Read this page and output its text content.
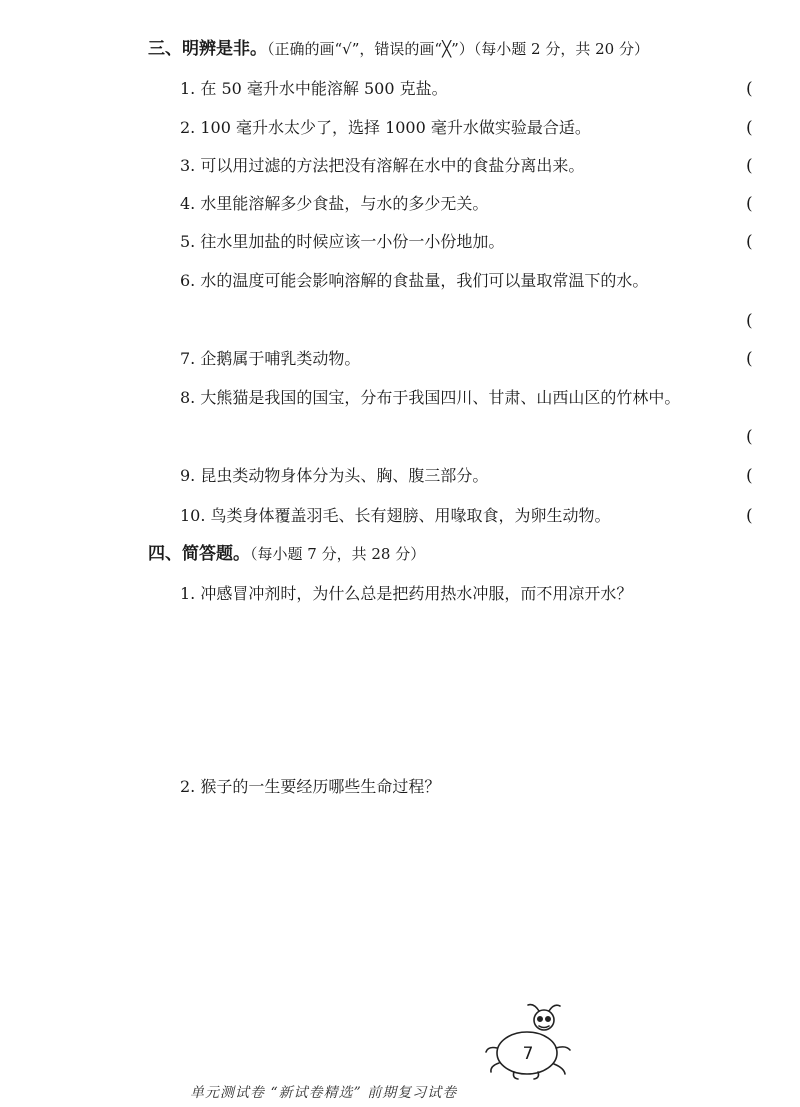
三、明辨是非。（正确的画“√”，错误的画“╳”）（每小题 2 分，共 20 分）
1. 在 50 毫升水中能溶解 500 克盐。	(
2. 100 毫升水太少了，选择 1000 毫升水做实验最合适。	(
3. 可以用过滤的方法把没有溶解在水中的食盐分离出来。	(
4. 水里能溶解多少食盐，与水的多少无关。	(
5. 往水里加盐的时候应该一小份一小份地加。	(
6. 水的温度可能会影响溶解的食盐量，我们可以量取常温下的水。
(
7. 企鹅属于哺乳类动物。	(
8. 大熊猫是我国的国宝，分布于我国四川、甘肃、山西山区的竹林中。
(
9. 昆虫类动物身体分为头、胸、腹三部分。	(
10. 鸟类身体覆盖羽毛、长有翅膀、用喙取食，为卵生动物。	(
四、简答题。（每小题 7 分，共 28 分）
1. 冲感冒冲剂时，为什么总是把药用热水冲服，而不用凉开水？
2. 猴子的一生要经历哪些生命过程？
7
单元测试卷 “新试卷精选” 前期复习试卷
